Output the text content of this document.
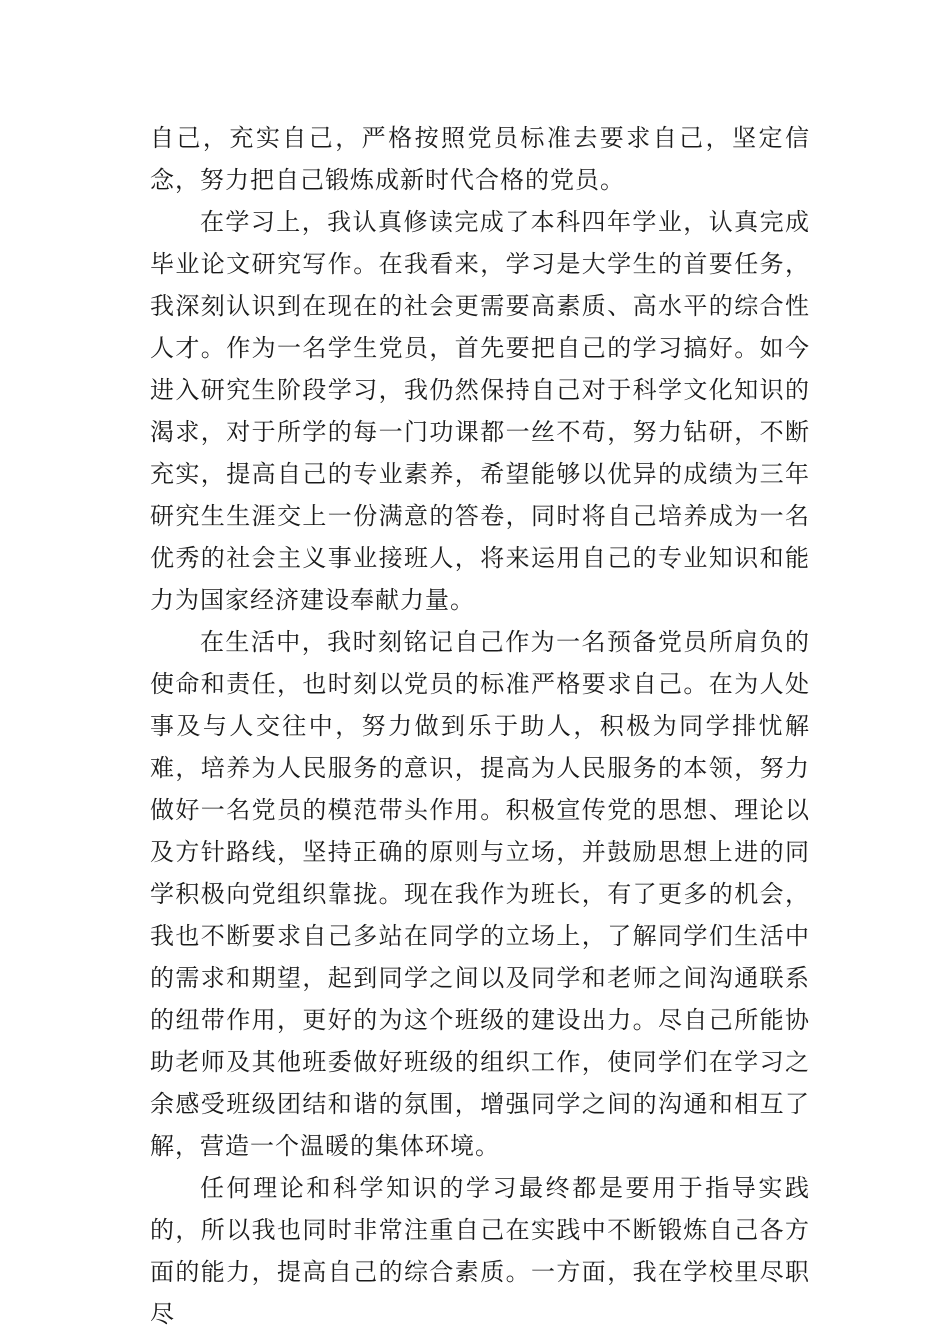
自己，充实自己，严格按照党员标准去要求自己，坚定信念，努力把自己锻炼成新时代合格的党员。

在学习上，我认真修读完成了本科四年学业，认真完成毕业论文研究写作。在我看来，学习是大学生的首要任务，我深刻认识到在现在的社会更需要高素质、高水平的综合性人才。作为一名学生党员，首先要把自己的学习搞好。如今进入研究生阶段学习，我仍然保持自己对于科学文化知识的渴求，对于所学的每一门功课都一丝不苟，努力钻研，不断充实，提高自己的专业素养，希望能够以优异的成绩为三年研究生生涯交上一份满意的答卷，同时将自己培养成为一名优秀的社会主义事业接班人，将来运用自己的专业知识和能力为国家经济建设奉献力量。

在生活中，我时刻铭记自己作为一名预备党员所肩负的使命和责任，也时刻以党员的标准严格要求自己。在为人处事及与人交往中，努力做到乐于助人，积极为同学排忧解难，培养为人民服务的意识，提高为人民服务的本领，努力做好一名党员的模范带头作用。积极宣传党的思想、理论以及方针路线，坚持正确的原则与立场，并鼓励思想上进的同学积极向党组织靠拢。现在我作为班长，有了更多的机会，我也不断要求自己多站在同学的立场上，了解同学们生活中的需求和期望，起到同学之间以及同学和老师之间沟通联系的纽带作用，更好的为这个班级的建设出力。尽自己所能协助老师及其他班委做好班级的组织工作，使同学们在学习之余感受班级团结和谐的氛围，增强同学之间的沟通和相互了解，营造一个温暖的集体环境。

任何理论和科学知识的学习最终都是要用于指导实践的，所以我也同时非常注重自己在实践中不断锻炼自己各方面的能力，提高自己的综合素质。一方面，我在学校里尽职尽
